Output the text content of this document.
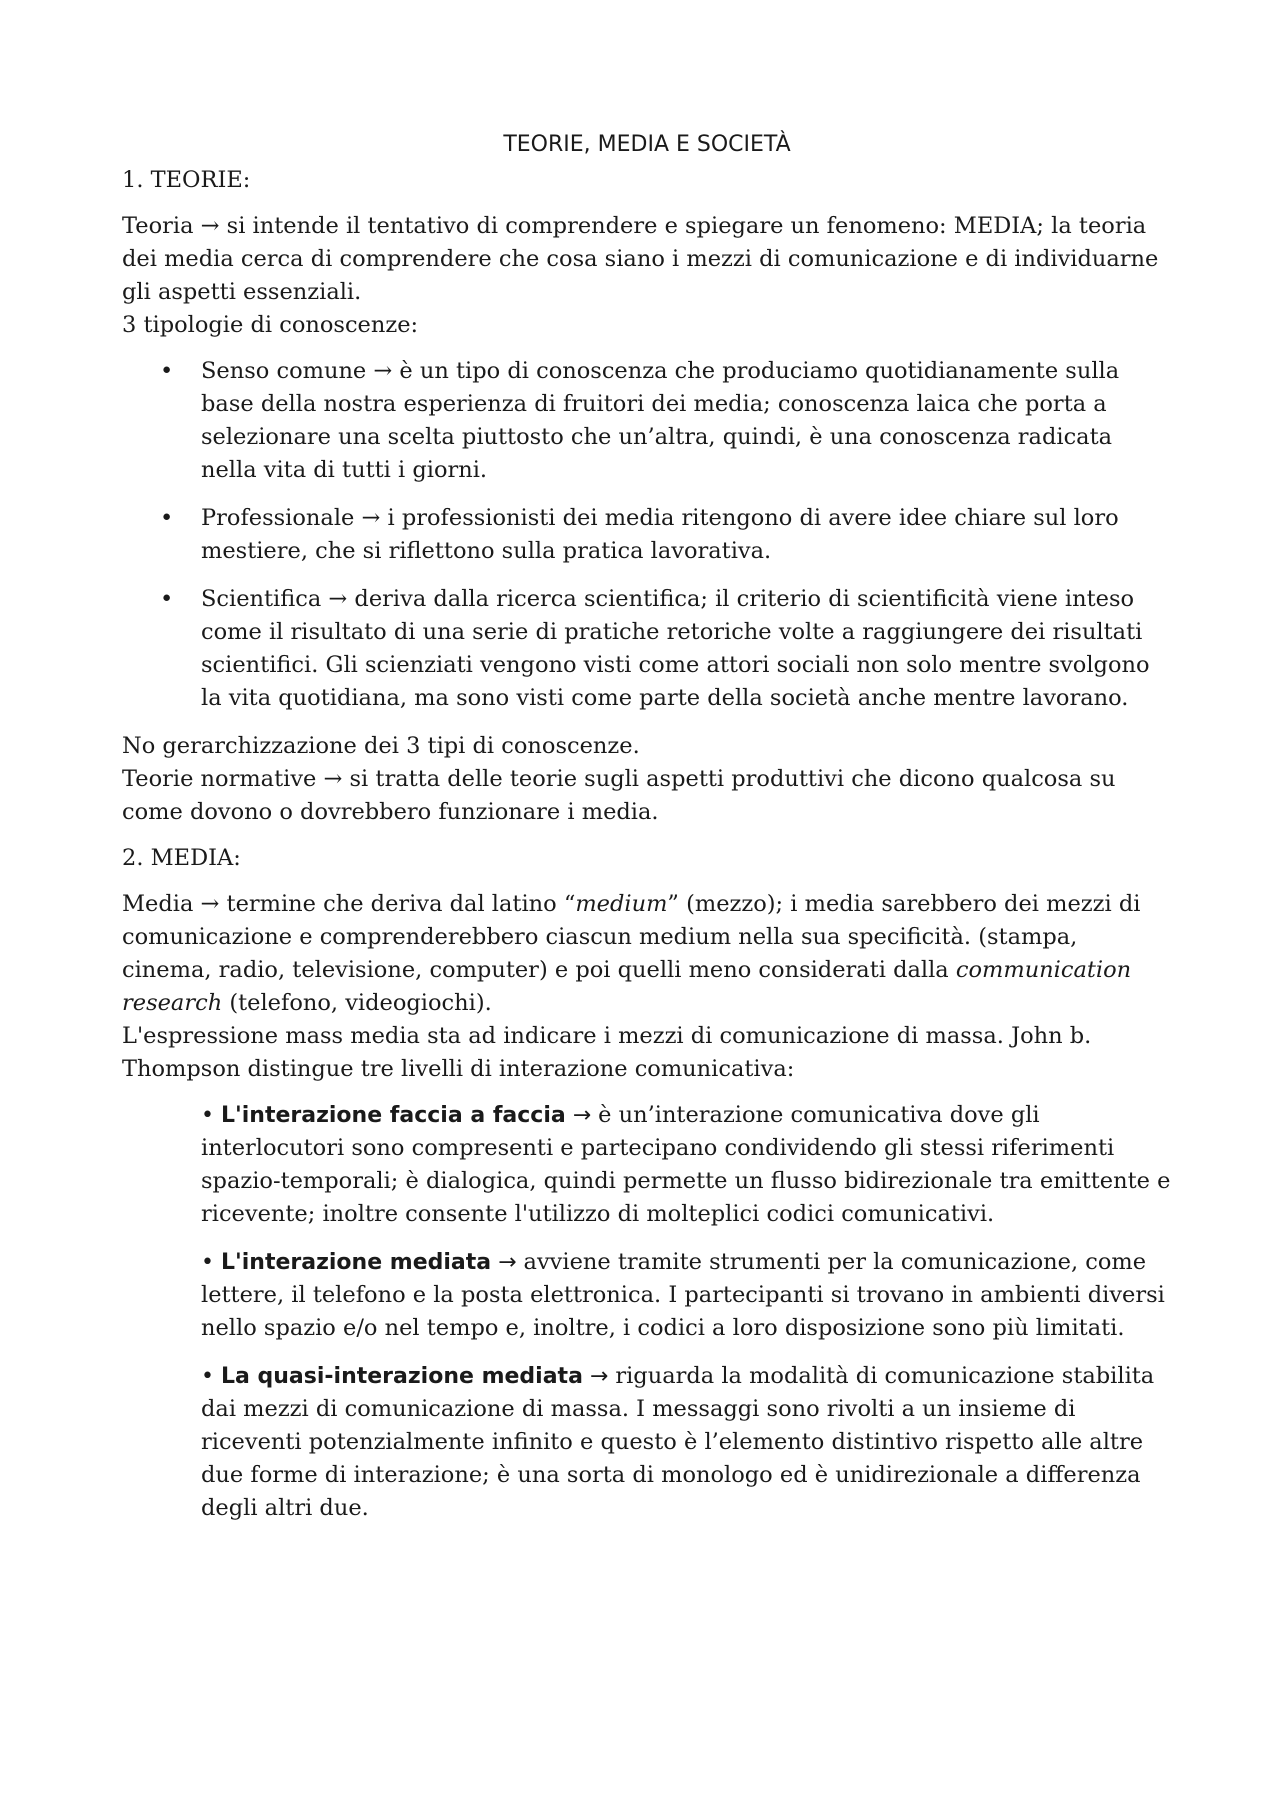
TEORIE, MEDIA E SOCIETÀ

1. TEORIE:

Teoria → si intende il tentativo di comprendere e spiegare un fenomeno: MEDIA; la teoria dei media cerca di comprendere che cosa siano i mezzi di comunicazione e di individuarne gli aspetti essenziali.

3 tipologie di conoscenze:

• Senso comune → è un tipo di conoscenza che produciamo quotidianamente sulla base della nostra esperienza di fruitori dei media; conoscenza laica che porta a selezionare una scelta piuttosto che un’altra, quindi, è una conoscenza radicata nella vita di tutti i giorni.
• Professionale → i professionisti dei media ritengono di avere idee chiare sul loro mestiere, che si riflettono sulla pratica lavorativa.
• Scientifica → deriva dalla ricerca scientifica; il criterio di scientificità viene inteso come il risultato di una serie di pratiche retoriche volte a raggiungere dei risultati scientifici. Gli scienziati vengono visti come attori sociali non solo mentre svolgono la vita quotidiana, ma sono visti come parte della società anche mentre lavorano.

No gerarchizzazione dei 3 tipi di conoscenze.

Teorie normative → si tratta delle teorie sugli aspetti produttivi che dicono qualcosa su come dovono o dovrebbero funzionare i media.

2. MEDIA:

Media → termine che deriva dal latino “medium” (mezzo); i media sarebbero dei mezzi di comunicazione e comprenderebbero ciascun medium nella sua specificità. (stampa, cinema, radio, televisione, computer) e poi quelli meno considerati dalla communication research (telefono, videogiochi).

L'espressione mass media sta ad indicare i mezzi di comunicazione di massa. John b. Thompson distingue tre livelli di interazione comunicativa:

• L'interazione faccia a faccia → è un’interazione comunicativa dove gli interlocutori sono compresenti e partecipano condividendo gli stessi riferimenti spazio-temporali; è dialogica, quindi permette un flusso bidirezionale tra emittente e ricevente; inoltre consente l'utilizzo di molteplici codici comunicativi.
• L'interazione mediata → avviene tramite strumenti per la comunicazione, come lettere, il telefono e la posta elettronica. I partecipanti si trovano in ambienti diversi nello spazio e/o nel tempo e, inoltre, i codici a loro disposizione sono più limitati.
• La quasi-interazione mediata → riguarda la modalità di comunicazione stabilita dai mezzi di comunicazione di massa. I messaggi sono rivolti a un insieme di riceventi potenzialmente infinito e questo è l’elemento distintivo rispetto alle altre due forme di interazione; è una sorta di monologo ed è unidirezionale a differenza degli altri due.
